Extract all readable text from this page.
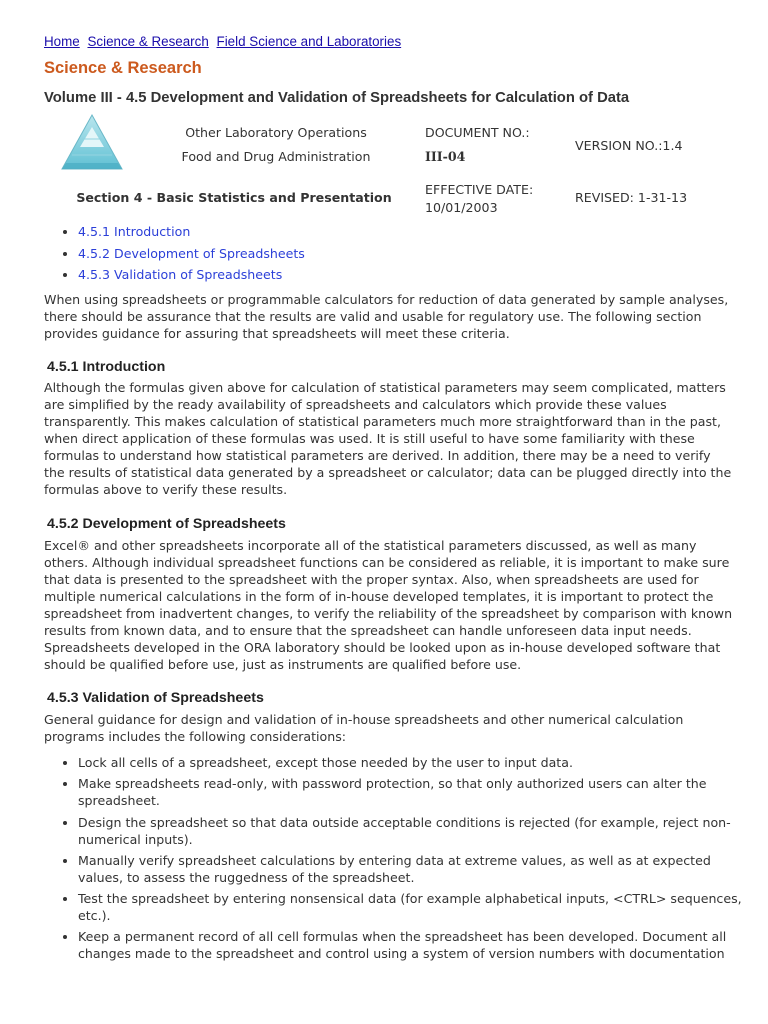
Home Science & Research Field Science and Laboratories
Science & Research
Volume III - 4.5 Development and Validation of Spreadsheets for Calculation of Data
Other Laboratory Operations
Food and Drug Administration
DOCUMENT NO.:
III-04
VERSION NO.:1.4
Section 4 - Basic Statistics and Presentation
EFFECTIVE DATE:
10/01/2003
REVISED: 1-31-13
• 4.5.1 Introduction
• 4.5.2 Development of Spreadsheets
• 4.5.3 Validation of Spreadsheets

When using spreadsheets or programmable calculators for reduction of data generated by sample analyses, there should be assurance that the results are valid and usable for regulatory use. The following section provides guidance for assuring that spreadsheets will meet these criteria.

4.5.1 Introduction

Although the formulas given above for calculation of statistical parameters may seem complicated, matters are simplified by the ready availability of spreadsheets and calculators which provide these values transparently. This makes calculation of statistical parameters much more straightforward than in the past, when direct application of these formulas was used. It is still useful to have some familiarity with these formulas to understand how statistical parameters are derived. In addition, there may be a need to verify the results of statistical data generated by a spreadsheet or calculator; data can be plugged directly into the formulas above to verify these results.

4.5.2 Development of Spreadsheets

Excel® and other spreadsheets incorporate all of the statistical parameters discussed, as well as many others. Although individual spreadsheet functions can be considered as reliable, it is important to make sure that data is presented to the spreadsheet with the proper syntax. Also, when spreadsheets are used for multiple numerical calculations in the form of in-house developed templates, it is important to protect the spreadsheet from inadvertent changes, to verify the reliability of the spreadsheet by comparison with known results from known data, and to ensure that the spreadsheet can handle unforeseen data input needs. Spreadsheets developed in the ORA laboratory should be looked upon as in-house developed software that should be qualified before use, just as instruments are qualified before use.

4.5.3 Validation of Spreadsheets

General guidance for design and validation of in-house spreadsheets and other numerical calculation programs includes the following considerations:

• Lock all cells of a spreadsheet, except those needed by the user to input data.
• Make spreadsheets read-only, with password protection, so that only authorized users can alter the spreadsheet.
• Design the spreadsheet so that data outside acceptable conditions is rejected (for example, reject non-numerical inputs).
• Manually verify spreadsheet calculations by entering data at extreme values, as well as at expected values, to assess the ruggedness of the spreadsheet.
• Test the spreadsheet by entering nonsensical data (for example alphabetical inputs, <CTRL> sequences, etc.).
• Keep a permanent record of all cell formulas when the spreadsheet has been developed. Document all changes made to the spreadsheet and control using a system of version numbers with documentation
